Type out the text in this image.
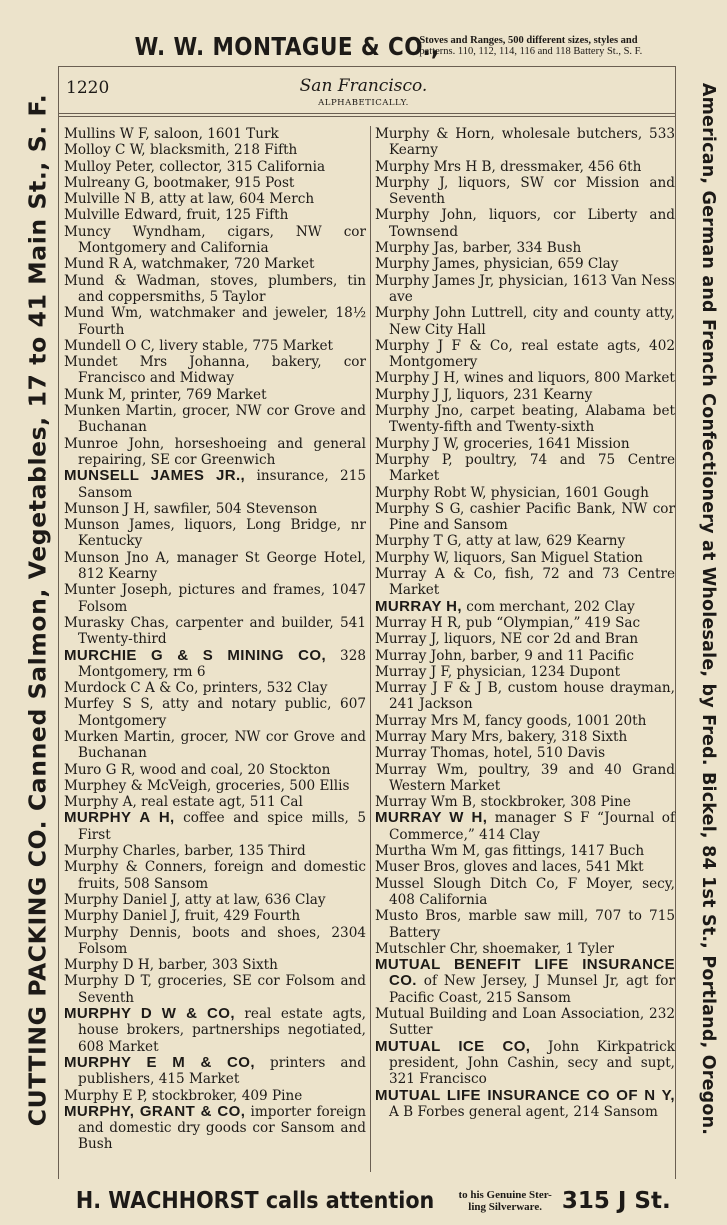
W. W. MONTAGUE & CO.,
Stoves and Ranges, 500 different sizes, styles and
patterns. 110, 112, 114, 116 and 118 Battery St., S. F.
CUTTING PACKING CO. Canned Salmon, Vegetables, 17 to 41 Main St., S. F.	American, German and French Confectionery at Wholesale, by Fred. Bickel, 84 1st St., Portland, Oregon.
1220	San Francisco.
ALPHABETICALLY.

Mullins W F, saloon, 1601 Turk

Molloy C W, blacksmith, 218 Fifth

Mulloy Peter, collector, 315 California

Mulreany G, bootmaker, 915 Post

Mulville N B, atty at law, 604 Merch

Mulville Edward, fruit, 125 Fifth

Muncy Wyndham, cigars, NW cor Montgomery and California

Mund R A, watchmaker, 720 Market

Mund & Wadman, stoves, plumbers, tin and coppersmiths, 5 Taylor

Mund Wm, watchmaker and jeweler, 18½ Fourth

Mundell O C, livery stable, 775 Market

Mundet Mrs Johanna, bakery, cor Francisco and Midway

Munk M, printer, 769 Market

Munken Martin, grocer, NW cor Grove and Buchanan

Munroe John, horseshoeing and general repairing, SE cor Greenwich

MUNSELL JAMES JR., insurance, 215 Sansom

Munson J H, sawfiler, 504 Stevenson

Munson James, liquors, Long Bridge, nr Kentucky

Munson Jno A, manager St George Hotel, 812 Kearny

Munter Joseph, pictures and frames, 1047 Folsom

Murasky Chas, carpenter and builder, 541 Twenty-third

MURCHIE G & S MINING CO, 328 Montgomery, rm 6

Murdock C A & Co, printers, 532 Clay

Murfey S S, atty and notary public, 607 Montgomery

Murken Martin, grocer, NW cor Grove and Buchanan

Muro G R, wood and coal, 20 Stockton

Murphey & McVeigh, groceries, 500 Ellis

Murphy A, real estate agt, 511 Cal

MURPHY A H, coffee and spice mills, 5 First

Murphy Charles, barber, 135 Third

Murphy & Conners, foreign and domestic fruits, 508 Sansom

Murphy Daniel J, atty at law, 636 Clay

Murphy Daniel J, fruit, 429 Fourth

Murphy Dennis, boots and shoes, 2304 Folsom

Murphy D H, barber, 303 Sixth

Murphy D T, groceries, SE cor Folsom and Seventh

MURPHY D W & CO, real estate agts, house brokers, partnerships negotiated, 608 Market

MURPHY E M & CO, printers and publishers, 415 Market

Murphy E P, stockbroker, 409 Pine

MURPHY, GRANT & CO, importer foreign and domestic dry goods cor Sansom and Bush

Murphy & Horn, wholesale butchers, 533 Kearny

Murphy Mrs H B, dressmaker, 456 6th

Murphy J, liquors, SW cor Mission and Seventh

Murphy John, liquors, cor Liberty and Townsend

Murphy Jas, barber, 334 Bush

Murphy James, physician, 659 Clay

Murphy James Jr, physician, 1613 Van Ness ave

Murphy John Luttrell, city and county atty, New City Hall

Murphy J F & Co, real estate agts, 402 Montgomery

Murphy J H, wines and liquors, 800 Market

Murphy J J, liquors, 231 Kearny

Murphy Jno, carpet beating, Alabama bet Twenty-fifth and Twenty-sixth

Murphy J W, groceries, 1641 Mission

Murphy P, poultry, 74 and 75 Centre Market

Murphy Robt W, physician, 1601 Gough

Murphy S G, cashier Pacific Bank, NW cor Pine and Sansom

Murphy T G, atty at law, 629 Kearny

Murphy W, liquors, San Miguel Station

Murray A & Co, fish, 72 and 73 Centre Market

MURRAY H, com merchant, 202 Clay

Murray H R, pub “Olympian,” 419 Sac

Murray J, liquors, NE cor 2d and Bran

Murray John, barber, 9 and 11 Pacific

Murray J F, physician, 1234 Dupont

Murray J F & J B, custom house drayman, 241 Jackson

Murray Mrs M, fancy goods, 1001 20th

Murray Mary Mrs, bakery, 318 Sixth

Murray Thomas, hotel, 510 Davis

Murray Wm, poultry, 39 and 40 Grand Western Market

Murray Wm B, stockbroker, 308 Pine

MURRAY W H, manager S F “Journal of Commerce,” 414 Clay

Murtha Wm M, gas fittings, 1417 Buch

Muser Bros, gloves and laces, 541 Mkt

Mussel Slough Ditch Co, F Moyer, secy, 408 California

Musto Bros, marble saw mill, 707 to 715 Battery

Mutschler Chr, shoemaker, 1 Tyler

MUTUAL BENEFIT LIFE INSURANCE CO. of New Jersey, J Munsel Jr, agt for Pacific Coast, 215 Sansom

Mutual Building and Loan Association, 232 Sutter

MUTUAL ICE CO, John Kirkpatrick president, John Cashin, secy and supt, 321 Francisco

MUTUAL LIFE INSURANCE CO OF N Y, A B Forbes general agent, 214 Sansom

H. WACHHORST calls attention to his Genuine Ster-
ling Silverware. 315 J St.
